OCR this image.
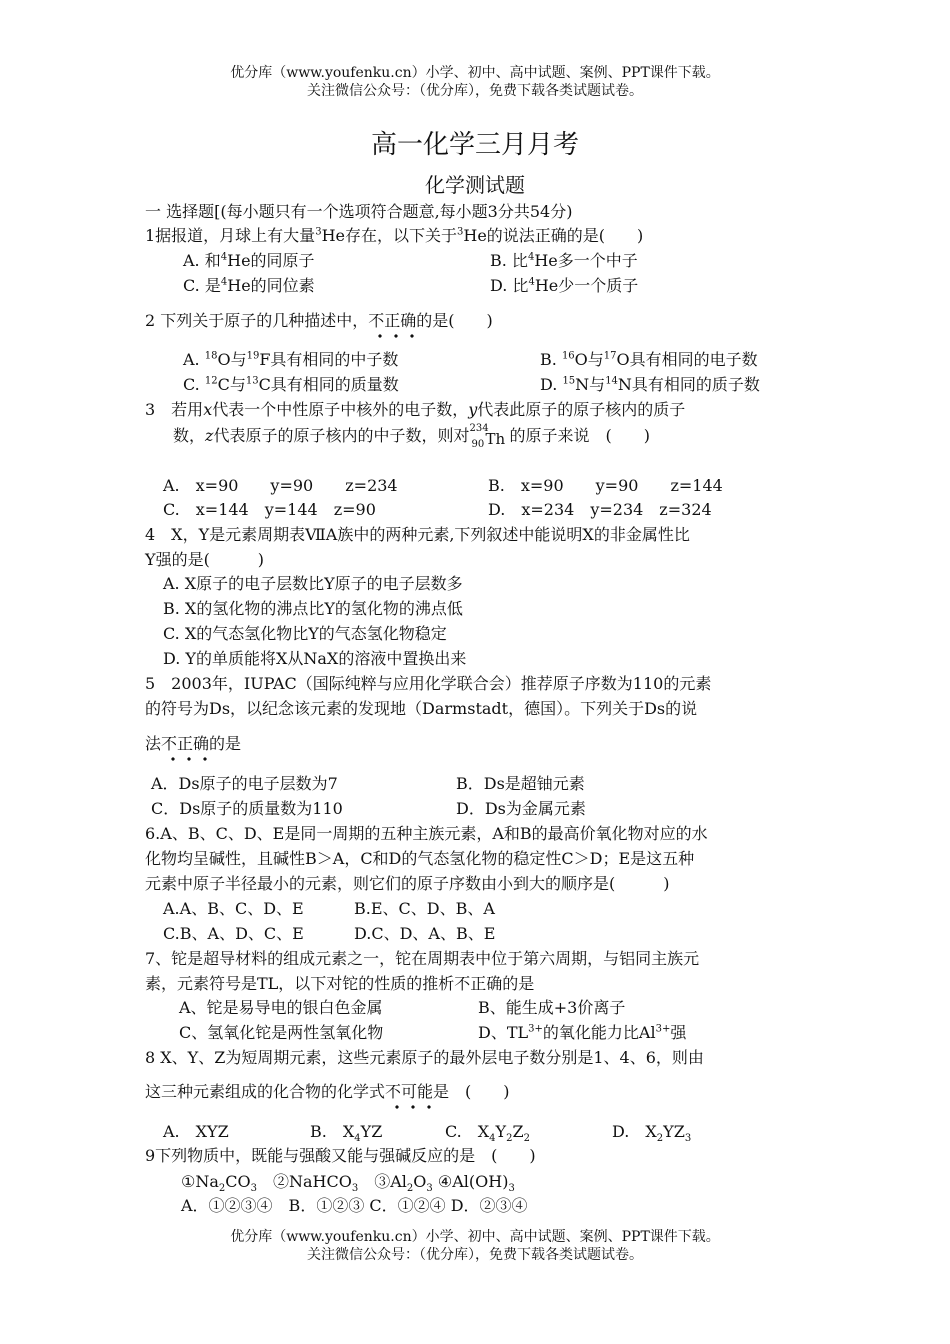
优分库（www.youfenku.cn）小学、初中、高中试题、案例、PPT课件下载。
关注微信公众号：（优分库），免费下载各类试题试卷。
高一化学三月月考
化学测试题
一 选择题[(每小题只有一个选项符合题意,每小题3分共54分)
1据报道，月球上有大量$^3$He存在，以下关于$^3$He的说法正确的是(　　)
A. 和$^4$He的同原子	B. 比$^4$He多一个中子
C. 是$^4$He的同位素	D. 比$^4$He少一个质子
2 下列关于原子的几种描述中，不正确的是(　　)
A. $^{18}$O与$^{19}$F具有相同的中子数	B. $^{16}$O与$^{17}$O具有相同的电子数
C. $^{12}$C与$^{13}$C具有相同的质量数	D. $^{15}$N与$^{14}$N具有相同的质子数
3　若用x代表一个中性原子中核外的电子数，y代表此原子的原子核内的质子
数，z代表原子的原子核内的中子数，则对 234
90 Th 的原子来说　(　　)
A.　x=90　　y=90　　z=234	B.　x=90　　y=90　　z=144
C.　x=144　y=144　z=90	D.　x=234　y=234　z=324
4　X，Y是元素周期表ⅦA族中的两种元素,下列叙述中能说明X的非金属性比
Y强的是(　　　)
A. X原子的电子层数比Y原子的电子层数多
B. X的氢化物的沸点比Y的氢化物的沸点低
C. X的气态氢化物比Y的气态氢化物稳定
D. Y的单质能将X从NaX的溶液中置换出来
5　2003年，IUPAC（国际纯粹与应用化学联合会）推荐原子序数为110的元素
的符号为Ds，以纪念该元素的发现地（Darmstadt，德国）。下列关于Ds的说
法不正确的是
A．Ds原子的电子层数为7	B．Ds是超铀元素
C．Ds原子的质量数为110	D．Ds为金属元素
6.A、B、C、D、E是同一周期的五种主族元素，A和B的最高价氧化物对应的水
化物均呈碱性，且碱性B＞A，C和D的气态氢化物的稳定性C＞D；E是这五种
元素中原子半径最小的元素，则它们的原子序数由小到大的顺序是(　　　)
A.A、B、C、D、E	B.E、C、D、B、A
C.B、A、D、C、E	D.C、D、A、B、E
7、铊是超导材料的组成元素之一，铊在周期表中位于第六周期，与铝同主族元
素，元素符号是TL，以下对铊的性质的推析不正确的是
A、铊是易导电的银白色金属	B、能生成+3价离子
C、氢氧化铊是两性氢氧化物	D、$TL^{3+}$的氧化能力比$Al^{3+}$强
8 X、Y、Z为短周期元素，这些元素原子的最外层电子数分别是1、4、6，则由
这三种元素组成的化合物的化学式不可能是　(　　)
A.　XYZ	B.　$X_4YZ$	C.　$X_4Y_2Z_2$	D.　$X_2YZ_3$
9下列物质中，既能与强酸又能与强碱反应的是　(　　)
$①Na_2CO_3$　②NaHCO$_3$　$③Al_2O_3$ $④Al(OH)_3$
A．①②③④　B．①②③ C．①②④ D．②③④
优分库（www.youfenku.cn）小学、初中、高中试题、案例、PPT课件下载。
关注微信公众号：（优分库），免费下载各类试题试卷。
